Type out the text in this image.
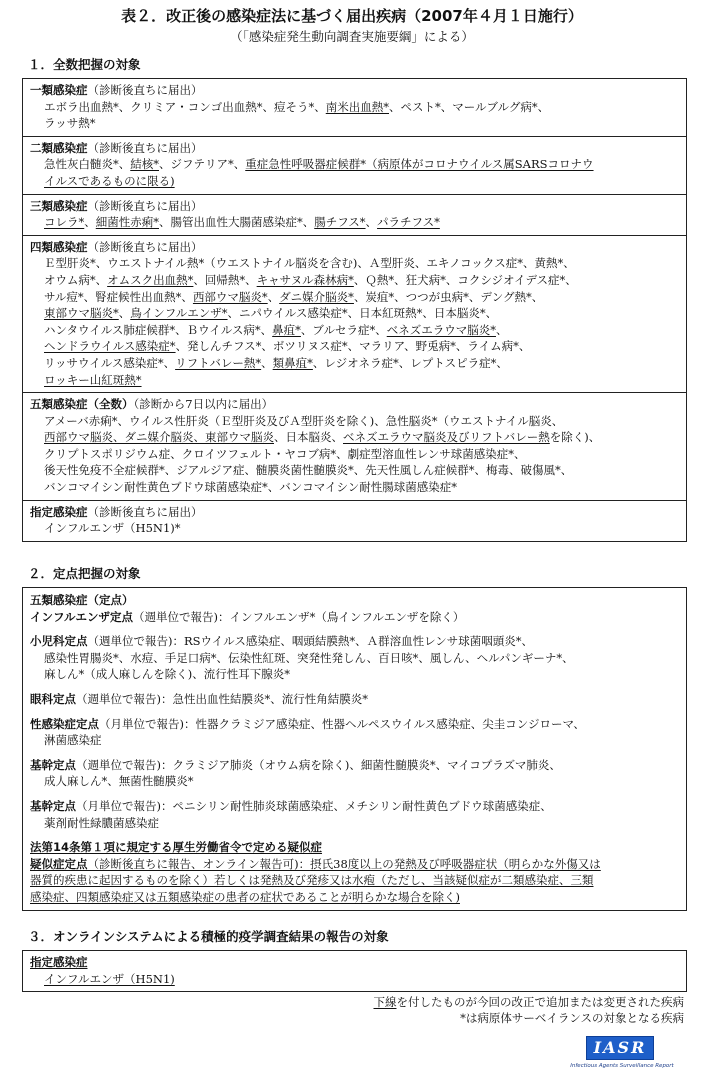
表２．改正後の感染症法に基づく届出疾病（2007年４月１日施行）
（「感染症発生動向調査実施要綱」による）
１．全数把握の対象
一類感染症（診断後直ちに届出）
エボラ出血熱*、クリミア・コンゴ出血熱*、痘そう*、南米出血熱*、ペスト*、マールブルグ病*、
ラッサ熱*
二類感染症（診断後直ちに届出）
急性灰白髄炎*、結核*、ジフテリア*、重症急性呼吸器症候群*（病原体がコロナウイルス属SARSコロナウ
イルスであるものに限る)
三類感染症（診断後直ちに届出）
コレラ*、細菌性赤痢*、腸管出血性大腸菌感染症*、腸チフス*、パラチフス*
四類感染症（診断後直ちに届出）
Ｅ型肝炎*、ウエストナイル熱*（ウエストナイル脳炎を含む)、Ａ型肝炎、エキノコックス症*、黄熱*、
オウム病*、オムスク出血熱*、回帰熱*、キャサヌル森林病*、Ｑ熱*、狂犬病*、コクシジオイデス症*、
サル痘*、腎症候性出血熱*、西部ウマ脳炎*、ダニ媒介脳炎*、炭疽*、つつが虫病*、デング熱*、
東部ウマ脳炎*、鳥インフルエンザ*、ニパウイルス感染症*、日本紅斑熱*、日本脳炎*、
ハンタウイルス肺症候群*、Ｂウイルス病*、鼻疽*、ブルセラ症*、ベネズエラウマ脳炎*、
ヘンドラウイルス感染症*、発しんチフス*、ボツリヌス症*、マラリア、野兎病*、ライム病*、
リッサウイルス感染症*、リフトバレー熱*、類鼻疽*、レジオネラ症*、レプトスピラ症*、
ロッキー山紅斑熱*
五類感染症（全数）（診断から7日以内に届出）
アメーバ赤痢*、ウイルス性肝炎（Ｅ型肝炎及びＡ型肝炎を除く)、急性脳炎*（ウエストナイル脳炎、
西部ウマ脳炎、ダニ媒介脳炎、東部ウマ脳炎、日本脳炎、ベネズエラウマ脳炎及びリフトバレー熱を除く)、
クリプトスポリジウム症、クロイツフェルト・ヤコブ病*、劇症型溶血性レンサ球菌感染症*、
後天性免疫不全症候群*、ジアルジア症、髄膜炎菌性髄膜炎*、先天性風しん症候群*、梅毒、破傷風*、
バンコマイシン耐性黄色ブドウ球菌感染症*、バンコマイシン耐性腸球菌感染症*
指定感染症（診断後直ちに届出）
インフルエンザ（H5N1)*
２．定点把握の対象
五類感染症（定点）
インフルエンザ定点（週単位で報告)：インフルエンザ*（鳥インフルエンザを除く）
小児科定点（週単位で報告)：RSウイルス感染症、咽頭結膜熱*、Ａ群溶血性レンサ球菌咽頭炎*、
感染性胃腸炎*、水痘、手足口病*、伝染性紅斑、突発性発しん、百日咳*、風しん、ヘルパンギーナ*、
麻しん*（成人麻しんを除く)、流行性耳下腺炎*
眼科定点（週単位で報告)：急性出血性結膜炎*、流行性角結膜炎*
性感染症定点（月単位で報告)：性器クラミジア感染症、性器ヘルペスウイルス感染症、尖圭コンジローマ、
淋菌感染症
基幹定点（週単位で報告)：クラミジア肺炎（オウム病を除く)、細菌性髄膜炎*、マイコプラズマ肺炎、
成人麻しん*、無菌性髄膜炎*
基幹定点（月単位で報告)：ペニシリン耐性肺炎球菌感染症、メチシリン耐性黄色ブドウ球菌感染症、
薬剤耐性緑膿菌感染症
法第14条第１項に規定する厚生労働省令で定める疑似症
疑似症定点（診断後直ちに報告、オンライン報告可)：摂氏38度以上の発熱及び呼吸器症状（明らかな外傷又は
器質的疾患に起因するものを除く）若しくは発熱及び発疹又は水疱（ただし、当該疑似症が二類感染症、三類
感染症、四類感染症又は五類感染症の患者の症状であることが明らかな場合を除く)
３．オンラインシステムによる積極的疫学調査結果の報告の対象
指定感染症
インフルエンザ（H5N1)
下線を付したものが今回の改正で追加または変更された疾病
*は病原体サーベイランスの対象となる疾病
IASR
Infectious Agents Surveillance Report
